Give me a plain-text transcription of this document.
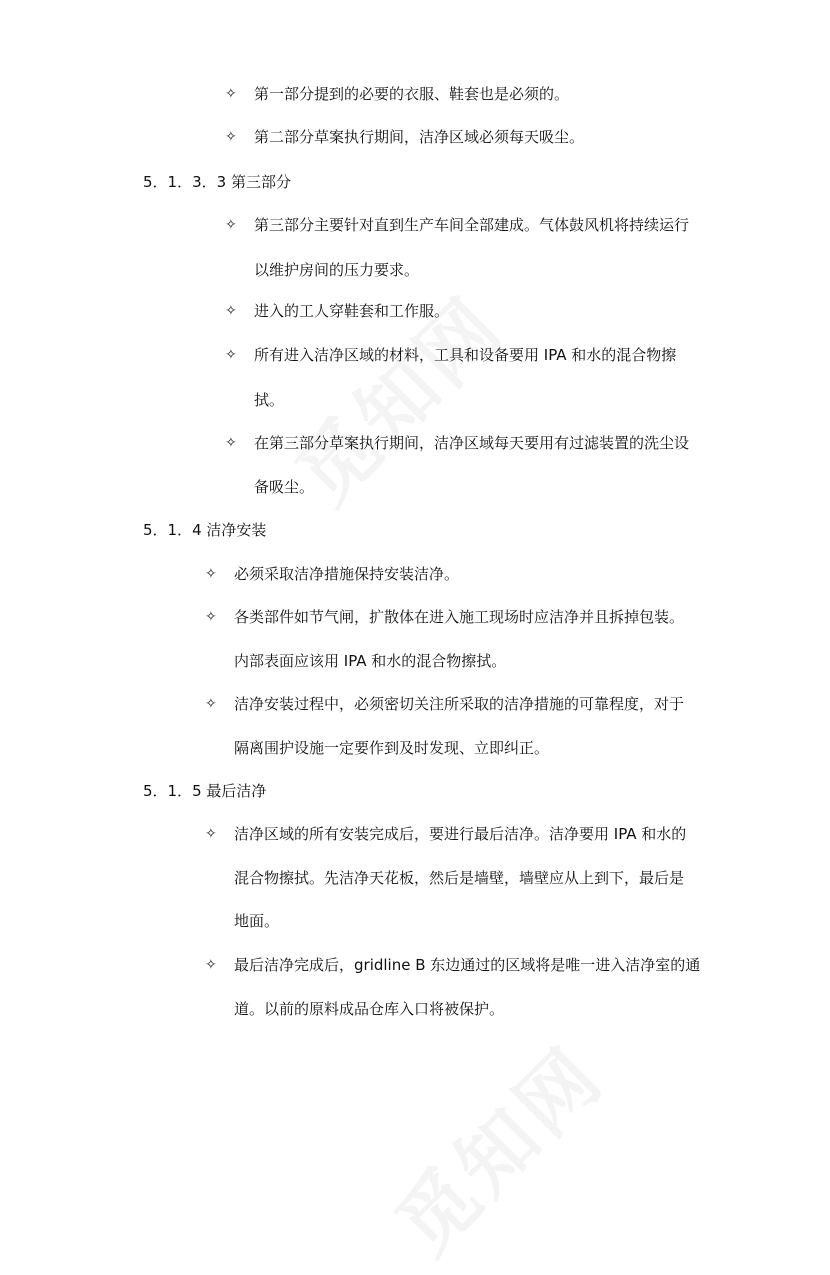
✧ 第一部分提到的必要的衣服、鞋套也是必须的。
✧ 第二部分草案执行期间，洁净区域必须每天吸尘。
5．1．3．3 第三部分
✧ 第三部分主要针对直到生产车间全部建成。气体鼓风机将持续运行
以维护房间的压力要求。
✧ 进入的工人穿鞋套和工作服。
✧ 所有进入洁净区域的材料，工具和设备要用 IPA 和水的混合物擦
拭。
✧ 在第三部分草案执行期间，洁净区域每天要用有过滤装置的洗尘设
备吸尘。
5．1．4 洁净安装
✧ 必须采取洁净措施保持安装洁净。
✧ 各类部件如节气闸，扩散体在进入施工现场时应洁净并且拆掉包装。
内部表面应该用 IPA 和水的混合物擦拭。
✧ 洁净安装过程中，必须密切关注所采取的洁净措施的可靠程度，对于
隔离围护设施一定要作到及时发现、立即纠正。
5．1．5 最后洁净
✧ 洁净区域的所有安装完成后，要进行最后洁净。洁净要用 IPA 和水的
混合物擦拭。先洁净天花板，然后是墙壁，墙壁应从上到下，最后是
地面。
✧ 最后洁净完成后，gridline B 东边通过的区域将是唯一进入洁净室的通
道。以前的原料成品仓库入口将被保护。
